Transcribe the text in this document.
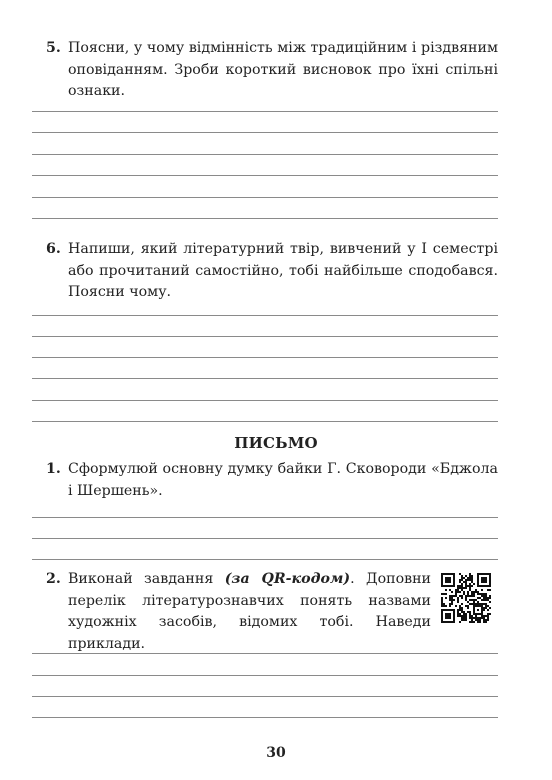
5. Поясни, у чому відмінність між традиційним і різдвяним оповіданням. Зроби короткий висновок про їхні спільні ознаки.
6. Напиши, який літературний твір, вивчений у I семестрі або прочитаний самостійно, тобі найбільше сподобався. Поясни чому.
ПИСЬМО
1. Сформулюй основну думку байки Г. Сковороди «Бджола і Шершень».
2. Виконай завдання (за QR-кодом). Доповни перелік літературознавчих понять назвами художніх засобів, відомих тобі. Наведи приклади.
30
